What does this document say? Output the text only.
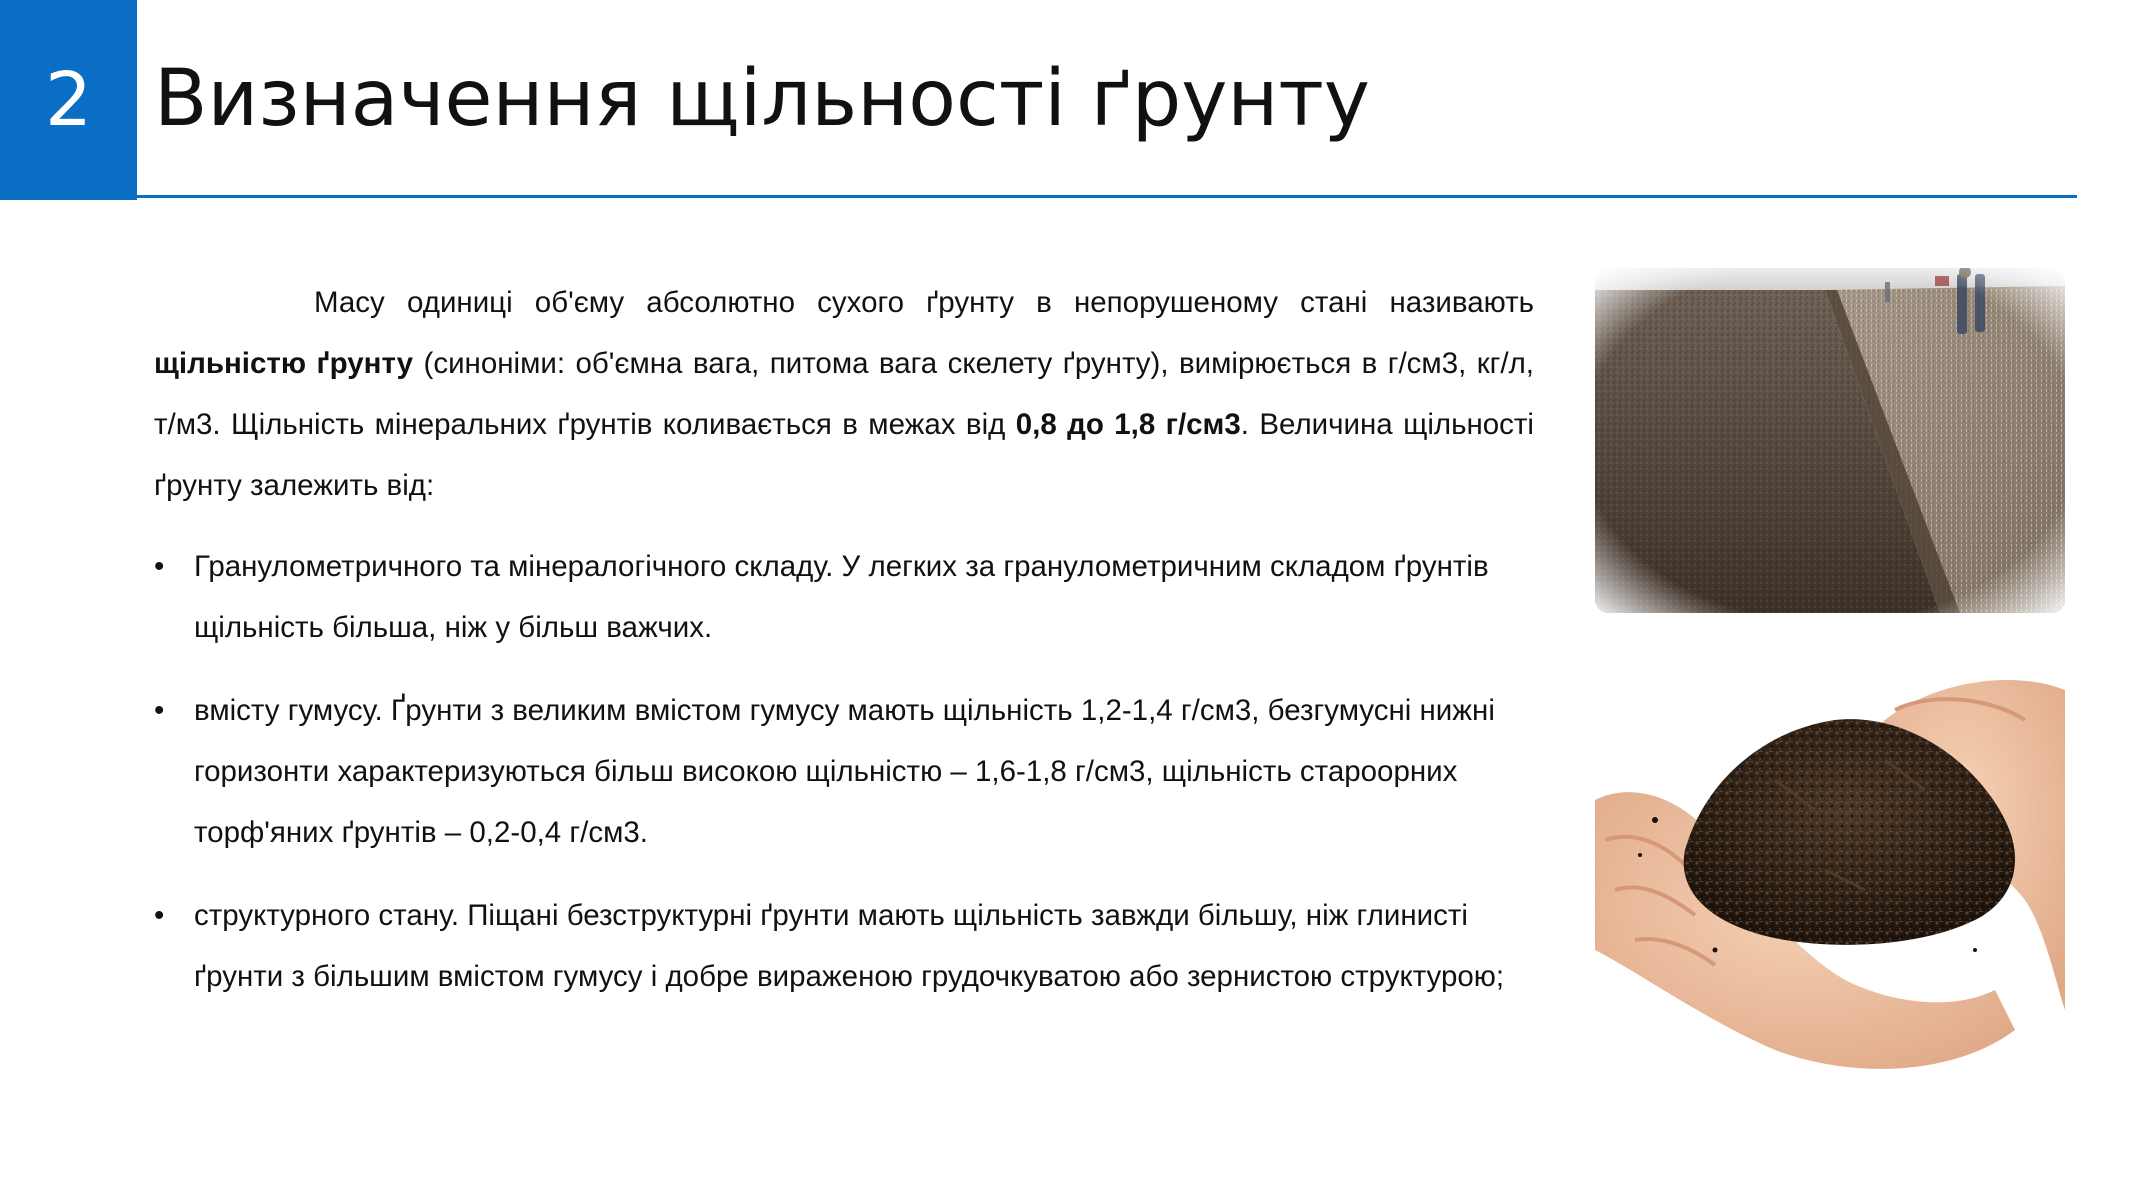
2 Визначення щільності ґрунту

Масу одиниці об'єму абсолютно сухого ґрунту в непорушеному стані називають щільністю ґрунту (синоніми: об'ємна вага, питома вага скелету ґрунту), вимірюється в г/см3, кг/л, т/м3. Щільність мінеральних ґрунтів коливається в межах від 0,8 до 1,8 г/см3. Величина щільності ґрунту залежить від:

• Гранулометричного та мінералогічного складу. У легких за гранулометричним складом ґрунтів щільність більша, ніж у більш важчих.
• вмісту гумусу. Ґрунти з великим вмістом гумусу мають щільність 1,2-1,4 г/см3, безгумусні нижні горизонти характеризуються більш високою щільністю – 1,6-1,8 г/см3, щільність староорних торф'яних ґрунтів – 0,2-0,4 г/см3.
• структурного стану. Піщані безструктурні ґрунти мають щільність завжди більшу, ніж глинисті ґрунти з більшим вмістом гумусу і добре вираженою грудочкуватою або зернистою структурою;
